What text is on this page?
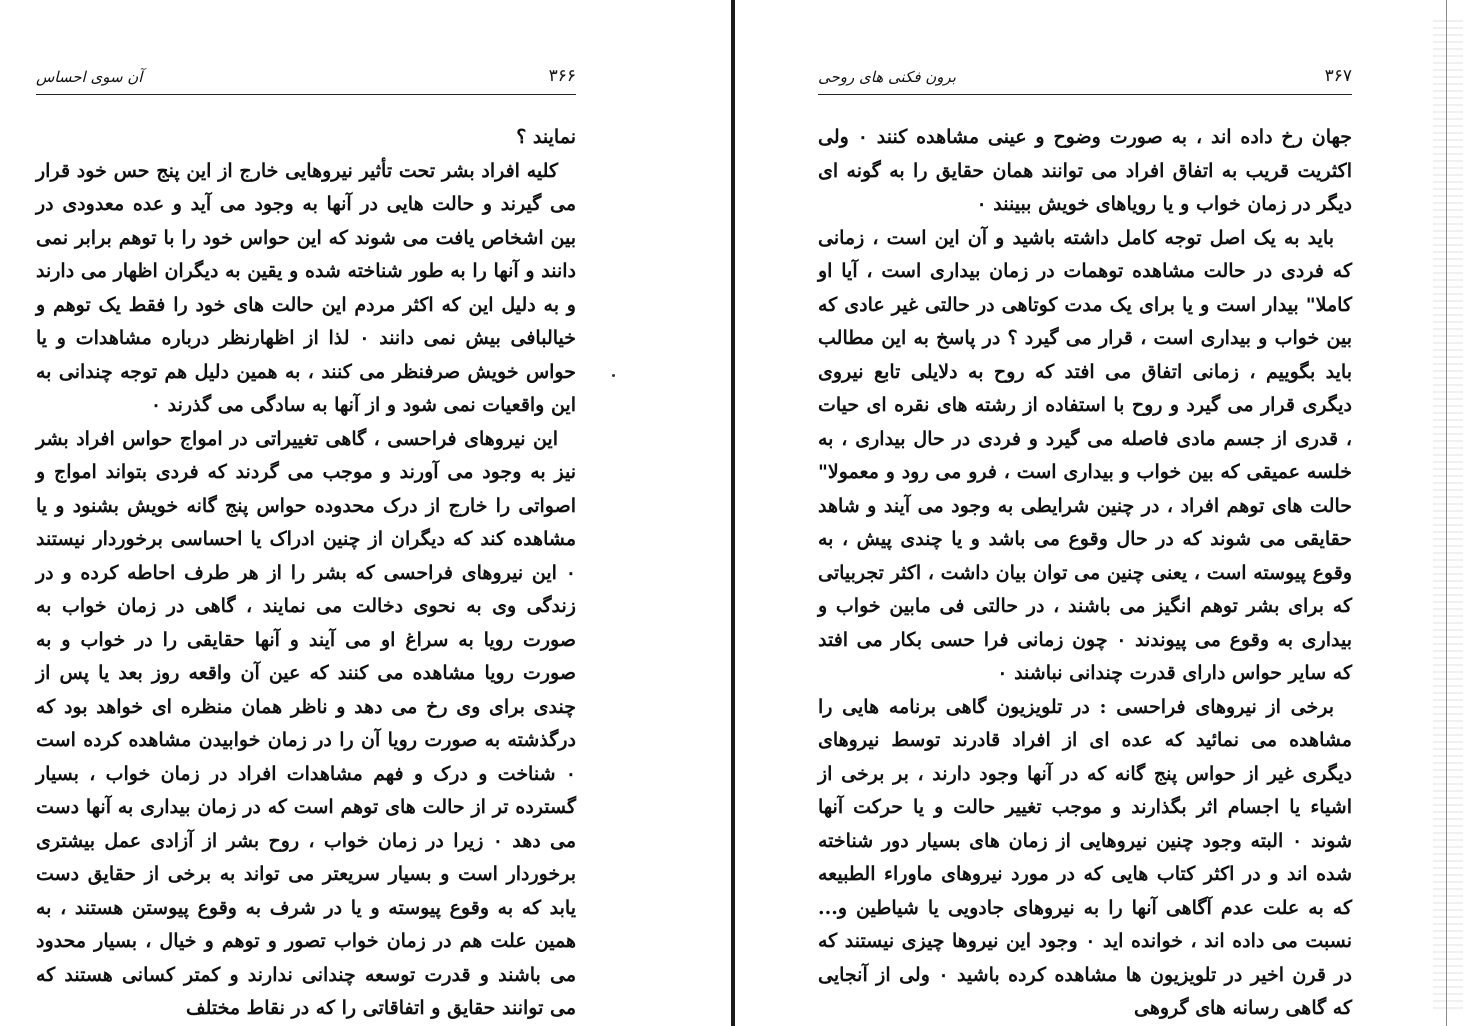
آن سوی احساس	۳۶۶

نمایند ؟

کلیه افراد بشر تحت تأثیر نیروهایی خارج از این پنج حس خود قرار می گیرند و حالت هایی در آنها به وجود می آید و عده معدودی در بین اشخاص یافت می شوند که این حواس خود را با توهم برابر نمی دانند و آنها را به طور شناخته شده و یقین به دیگران اظهار می دارند و به دلیل این که اکثر مردم این حالت های خود را فقط یک توهم و خیالبافی بیش نمی دانند ۰ لذا از اظهارنظر درباره مشاهدات و یا حواس خویش صرفنظر می کنند ، به همین دلیل هم توجه چندانی به این واقعیات نمی شود و از آنها به سادگی می گذرند ۰

این نیروهای فراحسی ، گاهی تغییراتی در امواج حواس افراد بشر نیز به وجود می آورند و موجب می گردند که فردی بتواند امواج و اصواتی را خارج از درک محدوده حواس پنج گانه خویش بشنود و یا مشاهده کند که دیگران از چنین ادراک یا احساسی برخوردار نیستند ۰ این نیروهای فراحسی که بشر را از هر طرف احاطه کرده و در زندگی وی به نحوی دخالت می نمایند ، گاهی در زمان خواب به صورت رویا به سراغ او می آیند و آنها حقایقی را در خواب و به صورت رویا مشاهده می کنند که عین آن واقعه روز بعد یا پس از چندی برای وی رخ می دهد و ناظر همان منظره ای خواهد بود که درگذشته به صورت رویا آن را در زمان خوابیدن مشاهده کرده است ۰ شناخت و درک و فهم مشاهدات افراد در زمان خواب ، بسیار گسترده تر از حالت های توهم است که در زمان بیداری به آنها دست می دهد ۰ زیرا در زمان خواب ، روح بشر از آزادی عمل بیشتری برخوردار است و بسیار سریعتر می تواند به برخی از حقایق دست یابد که به وقوع پیوسته و یا در شرف به وقوع پیوستن هستند ، به همین علت هم در زمان خواب تصور و توهم و خیال ، بسیار محدود می باشند و قدرت توسعه چندانی ندارند و کمتر کسانی هستند که می توانند حقایق و اتفاقاتی را که در نقاط مختلف

برون فکنی های روحی	۳۶۷

جهان رخ داده اند ، به صورت وضوح و عینی مشاهده کنند ۰ ولی اکثریت قریب به اتفاق افراد می توانند همان حقایق را به گونه ای دیگر در زمان خواب و یا رویاهای خویش ببینند ۰

باید به یک اصل توجه کامل داشته باشید و آن این است ، زمانی که فردی در حالت مشاهده توهمات در زمان بیداری است ، آیا او کاملا" بیدار است و یا برای یک مدت کوتاهی در حالتی غیر عادی که بین خواب و بیداری است ، قرار می گیرد ؟ در پاسخ به این مطالب باید بگوییم ، زمانی اتفاق می افتد که روح به دلایلی تابع نیروی دیگری قرار می گیرد و روح با استفاده از رشته های نقره ای حیات ، قدری از جسم مادی فاصله می گیرد و فردی در حال بیداری ، به خلسه عمیقی که بین خواب و بیداری است ، فرو می رود و معمولا" حالت های توهم افراد ، در چنین شرایطی به وجود می آیند و شاهد حقایقی می شوند که در حال وقوع می باشد و یا چندی پیش ، به وقوع پیوسته است ، یعنی چنین می توان بیان داشت ، اکثر تجربیاتی که برای بشر توهم انگیز می باشند ، در حالتی فی مابین خواب و بیداری به وقوع می پیوندند ۰ چون زمانی فرا حسی بکار می افتد که سایر حواس دارای قدرت چندانی نباشند ۰

برخی از نیروهای فراحسی : در تلویزیون گاهی برنامه هایی را مشاهده می نمائید که عده ای از افراد قادرند توسط نیروهای دیگری غیر از حواس پنج گانه که در آنها وجود دارند ، بر برخی از اشیاء یا اجسام اثر بگذارند و موجب تغییر حالت و یا حرکت آنها شوند ۰ البته وجود چنین نیروهایی از زمان های بسیار دور شناخته شده اند و در اکثر کتاب هایی که در مورد نیروهای ماوراء الطبیعه که به علت عدم آگاهی آنها را به نیروهای جادویی یا شیاطین و... نسبت می داده اند ، خوانده اید ۰ وجود این نیروها چیزی نیستند که در قرن اخیر در تلویزیون ها مشاهده کرده باشید ۰ ولی از آنجایی که گاهی رسانه های گروهی
